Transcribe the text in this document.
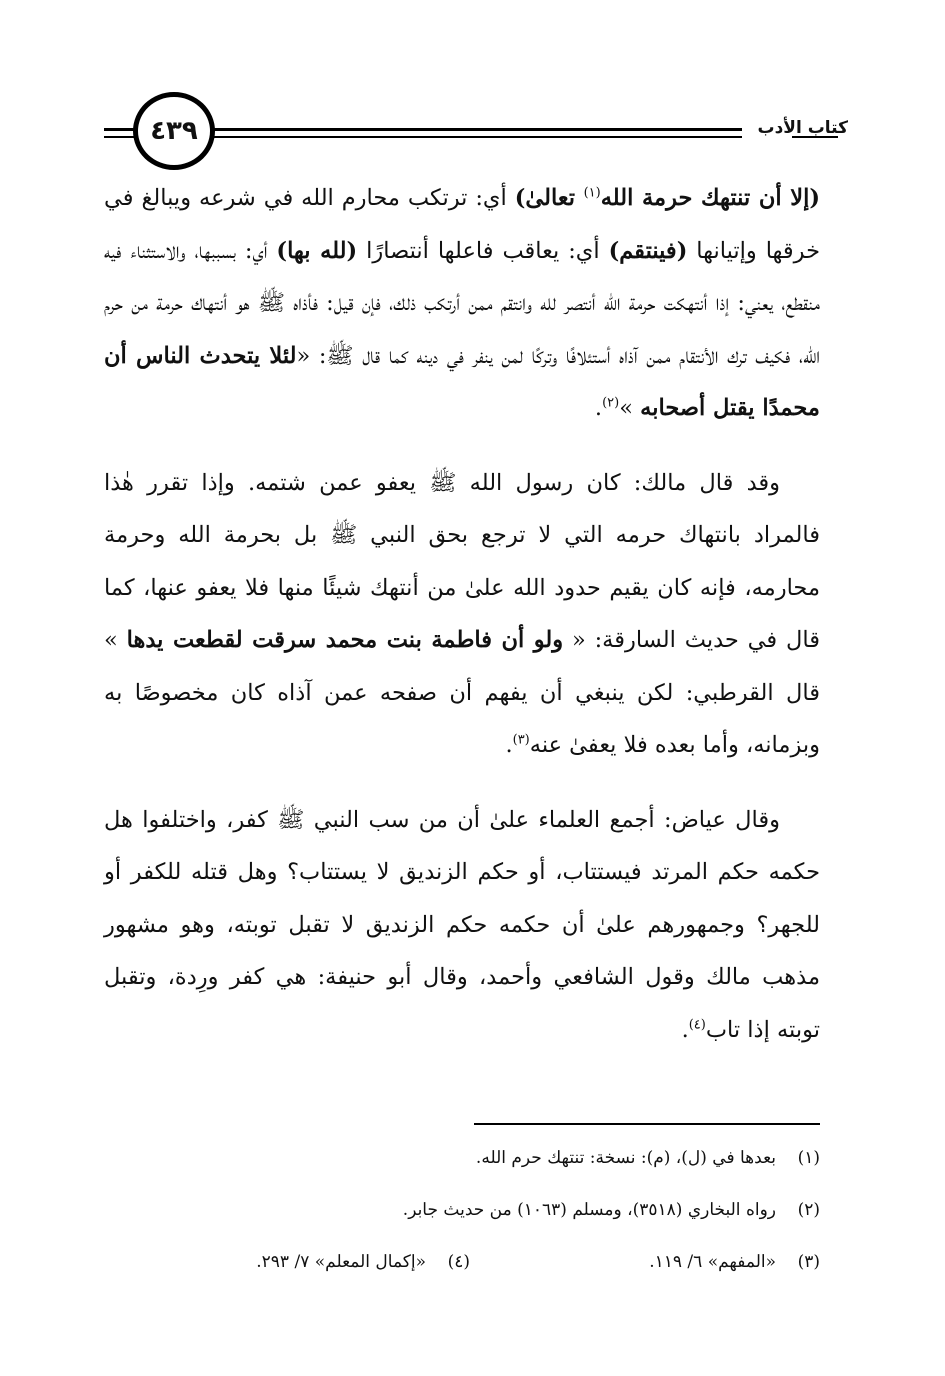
٤٣٩	كتاب الأدب

(إلا أن تنتهك حرمة الله$^{(١)}$ تعالىٰ) أي: ترتكب محارم الله في شرعه ويبالغ في خرقها وإتيانها (فينتقم) أي: يعاقب فاعلها أنتصارًا (لله بها) أي: بسببها، والاستثناء فيه منقطع، يعني: إذا أنتهكت حرمة الله أنتصر لله وانتقم ممن أرتكب ذلك، فإن قيل: فأذاه ﷺ هو أنتهاك حرمة من حرم الله، فكيف ترك الأنتقام ممن آذاه أستئلافًا وتركًا لمن ينفر في دينه كما قال ﷺ: «لئلا يتحدث الناس أن محمدًا يقتل أصحابه »$^{(٢)}$.

وقد قال مالك: كان رسول الله ﷺ يعفو عمن شتمه. وإذا تقرر هٰذا فالمراد بانتهاك حرمه التي لا ترجع بحق النبي ﷺ بل بحرمة الله وحرمة محارمه، فإنه كان يقيم حدود الله علىٰ من أنتهك شيئًا منها فلا يعفو عنها، كما قال في حديث السارقة: « ولو أن فاطمة بنت محمد سرقت لقطعت يدها » قال القرطبي: لكن ينبغي أن يفهم أن صفحه عمن آذاه كان مخصوصًا به وبزمانه، وأما بعده فلا يعفىٰ عنه$^{(٣)}$.

وقال عياض: أجمع العلماء علىٰ أن من سب النبي ﷺ كفر، واختلفوا هل حكمه حكم المرتد فيستتاب، أو حكم الزنديق لا يستتاب؟ وهل قتله للكفر أو للجهر؟ وجمهورهم علىٰ أن حكمه حكم الزنديق لا تقبل توبته، وهو مشهور مذهب مالك وقول الشافعي وأحمد، وقال أبو حنيفة: هي كفر ورِدة، وتقبل توبته إذا تاب$^{(٤)}$.

(١)بعدها في (ل)، (م): نسخة: تنتهك حرم الله.
(٢)رواه البخاري (٣٥١٨)، ومسلم (١٠٦٣) من حديث جابر.
(٣)«المفهم» ٦/ ١١٩.
(٤)«إكمال المعلم» ٧/ ٢٩٣.
